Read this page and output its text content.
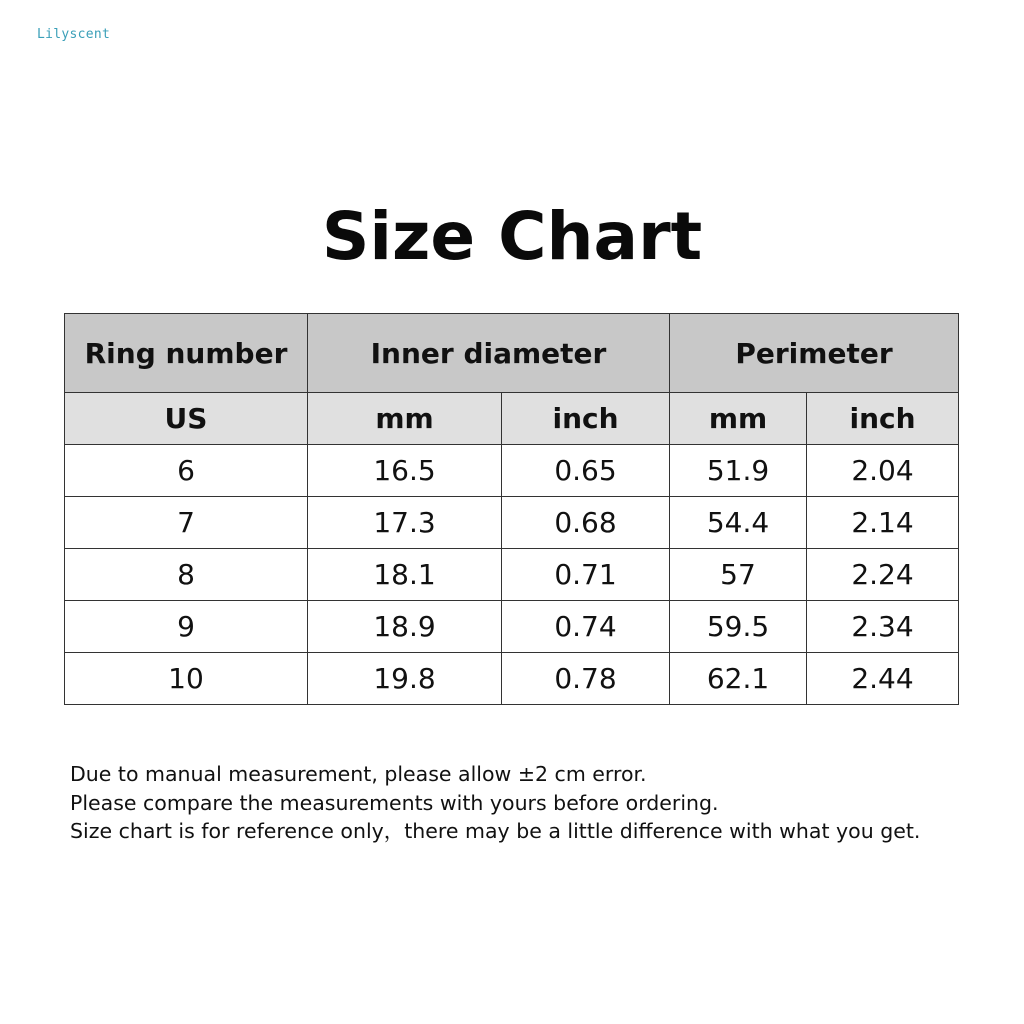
Lilyscent
Size Chart
Ring number	Inner diameter		Perimeter	
US	mm	inch	mm	inch
6	16.5	0.65	51.9	2.04
7	17.3	0.68	54.4	2.14
8	18.1	0.71	57	2.24
9	18.9	0.74	59.5	2.34
10	19.8	0.78	62.1	2.44
Due to manual measurement, please allow ±2 cm error.
Please compare the measurements with yours before ordering.
Size chart is for reference only，there may be a little difference with what you get.
